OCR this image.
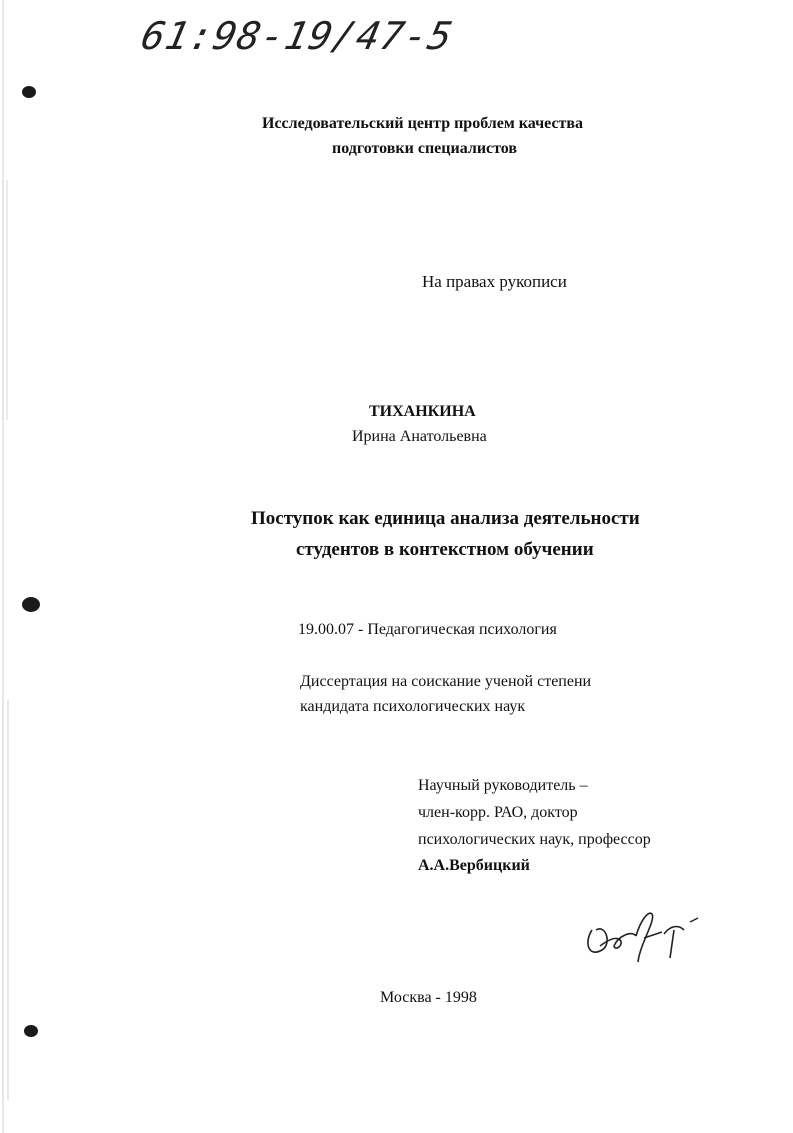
61:98-19/47-5
Исследовательский центр проблем качества
подготовки специалистов
На правах рукописи
ТИХАНКИНА
Ирина Анатольевна
Поступок как единица анализа деятельности
студентов в контекстном обучении
19.00.07 - Педагогическая психология
Диссертация на соискание ученой степени
кандидата психологических наук
Научный руководитель –
член-корр. РАО, доктор
психологических наук, профессор
А.А.Вербицкий
Москва - 1998
